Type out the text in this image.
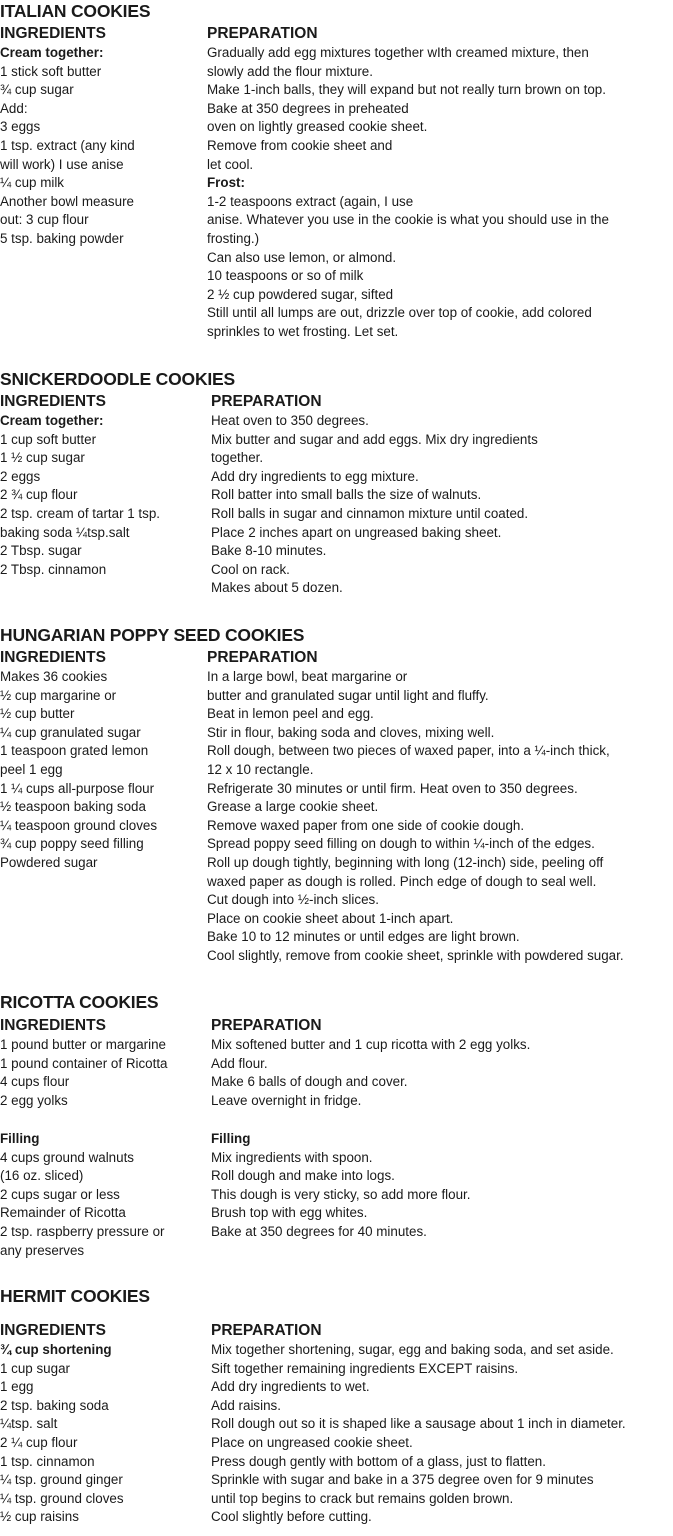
ITALIAN COOKIES
INGREDIENTS
Cream together:
1 stick soft butter
¾ cup sugar
Add:
3 eggs
1 tsp. extract (any kind
will work) I use anise
¼ cup milk
Another bowl measure
out: 3 cup flour
5 tsp. baking powder
PREPARATION
Gradually add egg mixtures together wIth creamed mixture, then
slowly add the flour mixture.
Make 1-inch balls, they will expand but not really turn brown on top.
Bake at 350 degrees in preheated
oven on lightly greased cookie sheet.
Remove from cookie sheet and
let cool.
Frost:
1-2 teaspoons extract (again, I use
anise. Whatever you use in the cookie is what you should use in the
frosting.)
Can also use lemon, or almond.
10 teaspoons or so of milk
2 ½ cup powdered sugar, sifted
Still until all lumps are out, drizzle over top of cookie, add colored
sprinkles to wet frosting. Let set.
SNICKERDOODLE COOKIES
INGREDIENTS
Cream together:
1 cup soft butter
1 ½ cup sugar
2 eggs
2 ¾ cup flour
2 tsp. cream of tartar 1 tsp.
baking soda ¼tsp.salt
2 Tbsp. sugar
2 Tbsp. cinnamon
PREPARATION
Heat oven to 350 degrees.
Mix butter and sugar and add eggs. Mix dry ingredients
together.
Add dry ingredients to egg mixture.
Roll batter into small balls the size of walnuts.
Roll balls in sugar and cinnamon mixture until coated.
Place 2 inches apart on ungreased baking sheet.
Bake 8-10 minutes.
Cool on rack.
Makes about 5 dozen.
HUNGARIAN POPPY SEED COOKIES
INGREDIENTS
Makes 36 cookies
½ cup margarine or
½ cup butter
¼ cup granulated sugar
1 teaspoon grated lemon
peel 1 egg
1 ¼ cups all-purpose flour
½ teaspoon baking soda
¼ teaspoon ground cloves
¾ cup poppy seed filling
Powdered sugar
PREPARATION
In a large bowl, beat margarine or
butter and granulated sugar until light and fluffy.
Beat in lemon peel and egg.
Stir in flour, baking soda and cloves, mixing well.
Roll dough, between two pieces of waxed paper, into a ¼-inch thick,
12 x 10 rectangle.
Refrigerate 30 minutes or until firm. Heat oven to 350 degrees.
Grease a large cookie sheet.
Remove waxed paper from one side of cookie dough.
Spread poppy seed filling on dough to within ¼-inch of the edges.
Roll up dough tightly, beginning with long (12-inch) side, peeling off
waxed paper as dough is rolled. Pinch edge of dough to seal well.
Cut dough into ½-inch slices.
Place on cookie sheet about 1-inch apart.
Bake 10 to 12 minutes or until edges are light brown.
Cool slightly, remove from cookie sheet, sprinkle with powdered sugar.
RICOTTA COOKIES
INGREDIENTS
1 pound butter or margarine
1 pound container of Ricotta
4 cups flour
2 egg yolks
PREPARATION
Mix softened butter and 1 cup ricotta with 2 egg yolks.
Add flour.
Make 6 balls of dough and cover.
Leave overnight in fridge.
Filling
4 cups ground walnuts
(16 oz. sliced)
2 cups sugar or less
Remainder of Ricotta
2 tsp. raspberry pressure or
any preserves
Filling
Mix ingredients with spoon.
Roll dough and make into logs.
This dough is very sticky, so add more flour.
Brush top with egg whites.
Bake at 350 degrees for 40 minutes.
HERMIT COOKIES
INGREDIENTS
¾ cup shortening
1 cup sugar
1 egg
2 tsp. baking soda
¼tsp. salt
2 ¼ cup flour
1 tsp. cinnamon
¼ tsp. ground ginger
¼ tsp. ground cloves
½ cup raisins
PREPARATION
Mix together shortening, sugar, egg and baking soda, and set aside.
Sift together remaining ingredients EXCEPT raisins.
Add dry ingredients to wet.
Add raisins.
Roll dough out so it is shaped like a sausage about 1 inch in diameter.
Place on ungreased cookie sheet.
Press dough gently with bottom of a glass, just to flatten.
Sprinkle with sugar and bake in a 375 degree oven for 9 minutes
until top begins to crack but remains golden brown.
Cool slightly before cutting.
